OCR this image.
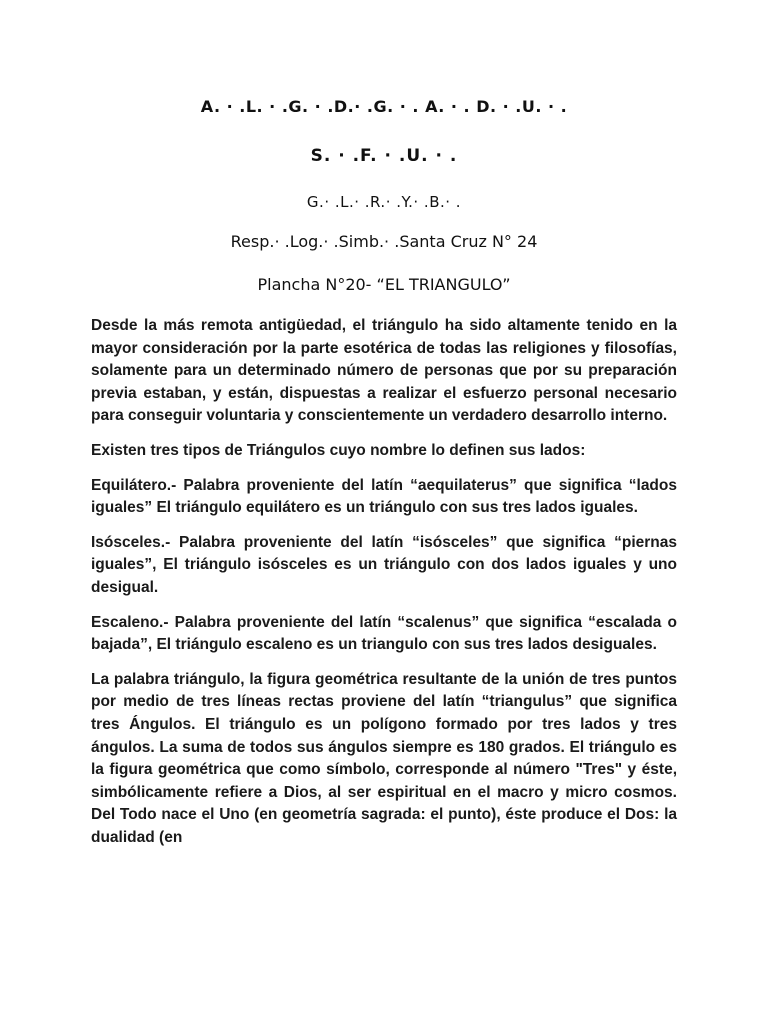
A. · .L. · .G. · .D.· .G. · . A. · . D. · .U. · .
S. · .F. · .U. · .
G.· .L.· .R.· .Y.· .B.· .
Resp.· .Log.· .Simb.· .Santa Cruz N° 24
Plancha N°20- “EL TRIANGULO”

Desde la más remota antigüedad, el triángulo ha sido altamente tenido en la mayor consideración por la parte esotérica de todas las religiones y filosofías, solamente para un determinado número de personas que por su preparación previa estaban, y están, dispuestas a realizar el esfuerzo personal necesario para conseguir voluntaria y conscientemente un verdadero desarrollo interno.

Existen tres tipos de Triángulos cuyo nombre lo definen sus lados:

Equilátero.- Palabra proveniente del latín “aequilaterus” que significa “lados iguales” El triángulo equilátero es un triángulo con sus tres lados iguales.

Isósceles.- Palabra proveniente del latín “isósceles” que significa “piernas iguales”, El triángulo isósceles es un triángulo con dos lados iguales y uno desigual.

Escaleno.- Palabra proveniente del latín “scalenus” que significa “escalada o bajada”, El triángulo escaleno es un triangulo con sus tres lados desiguales.

La palabra triángulo, la figura geométrica resultante de la unión de tres puntos por medio de tres líneas rectas proviene del latín “triangulus” que significa tres Ángulos. El triángulo es un polígono formado por tres lados y tres ángulos. La suma de todos sus ángulos siempre es 180 grados. El triángulo es la figura geométrica que como símbolo, corresponde al número "Tres" y éste, simbólicamente refiere a Dios, al ser espiritual en el macro y micro cosmos. Del Todo nace el Uno (en geometría sagrada: el punto), éste produce el Dos: la dualidad (en
